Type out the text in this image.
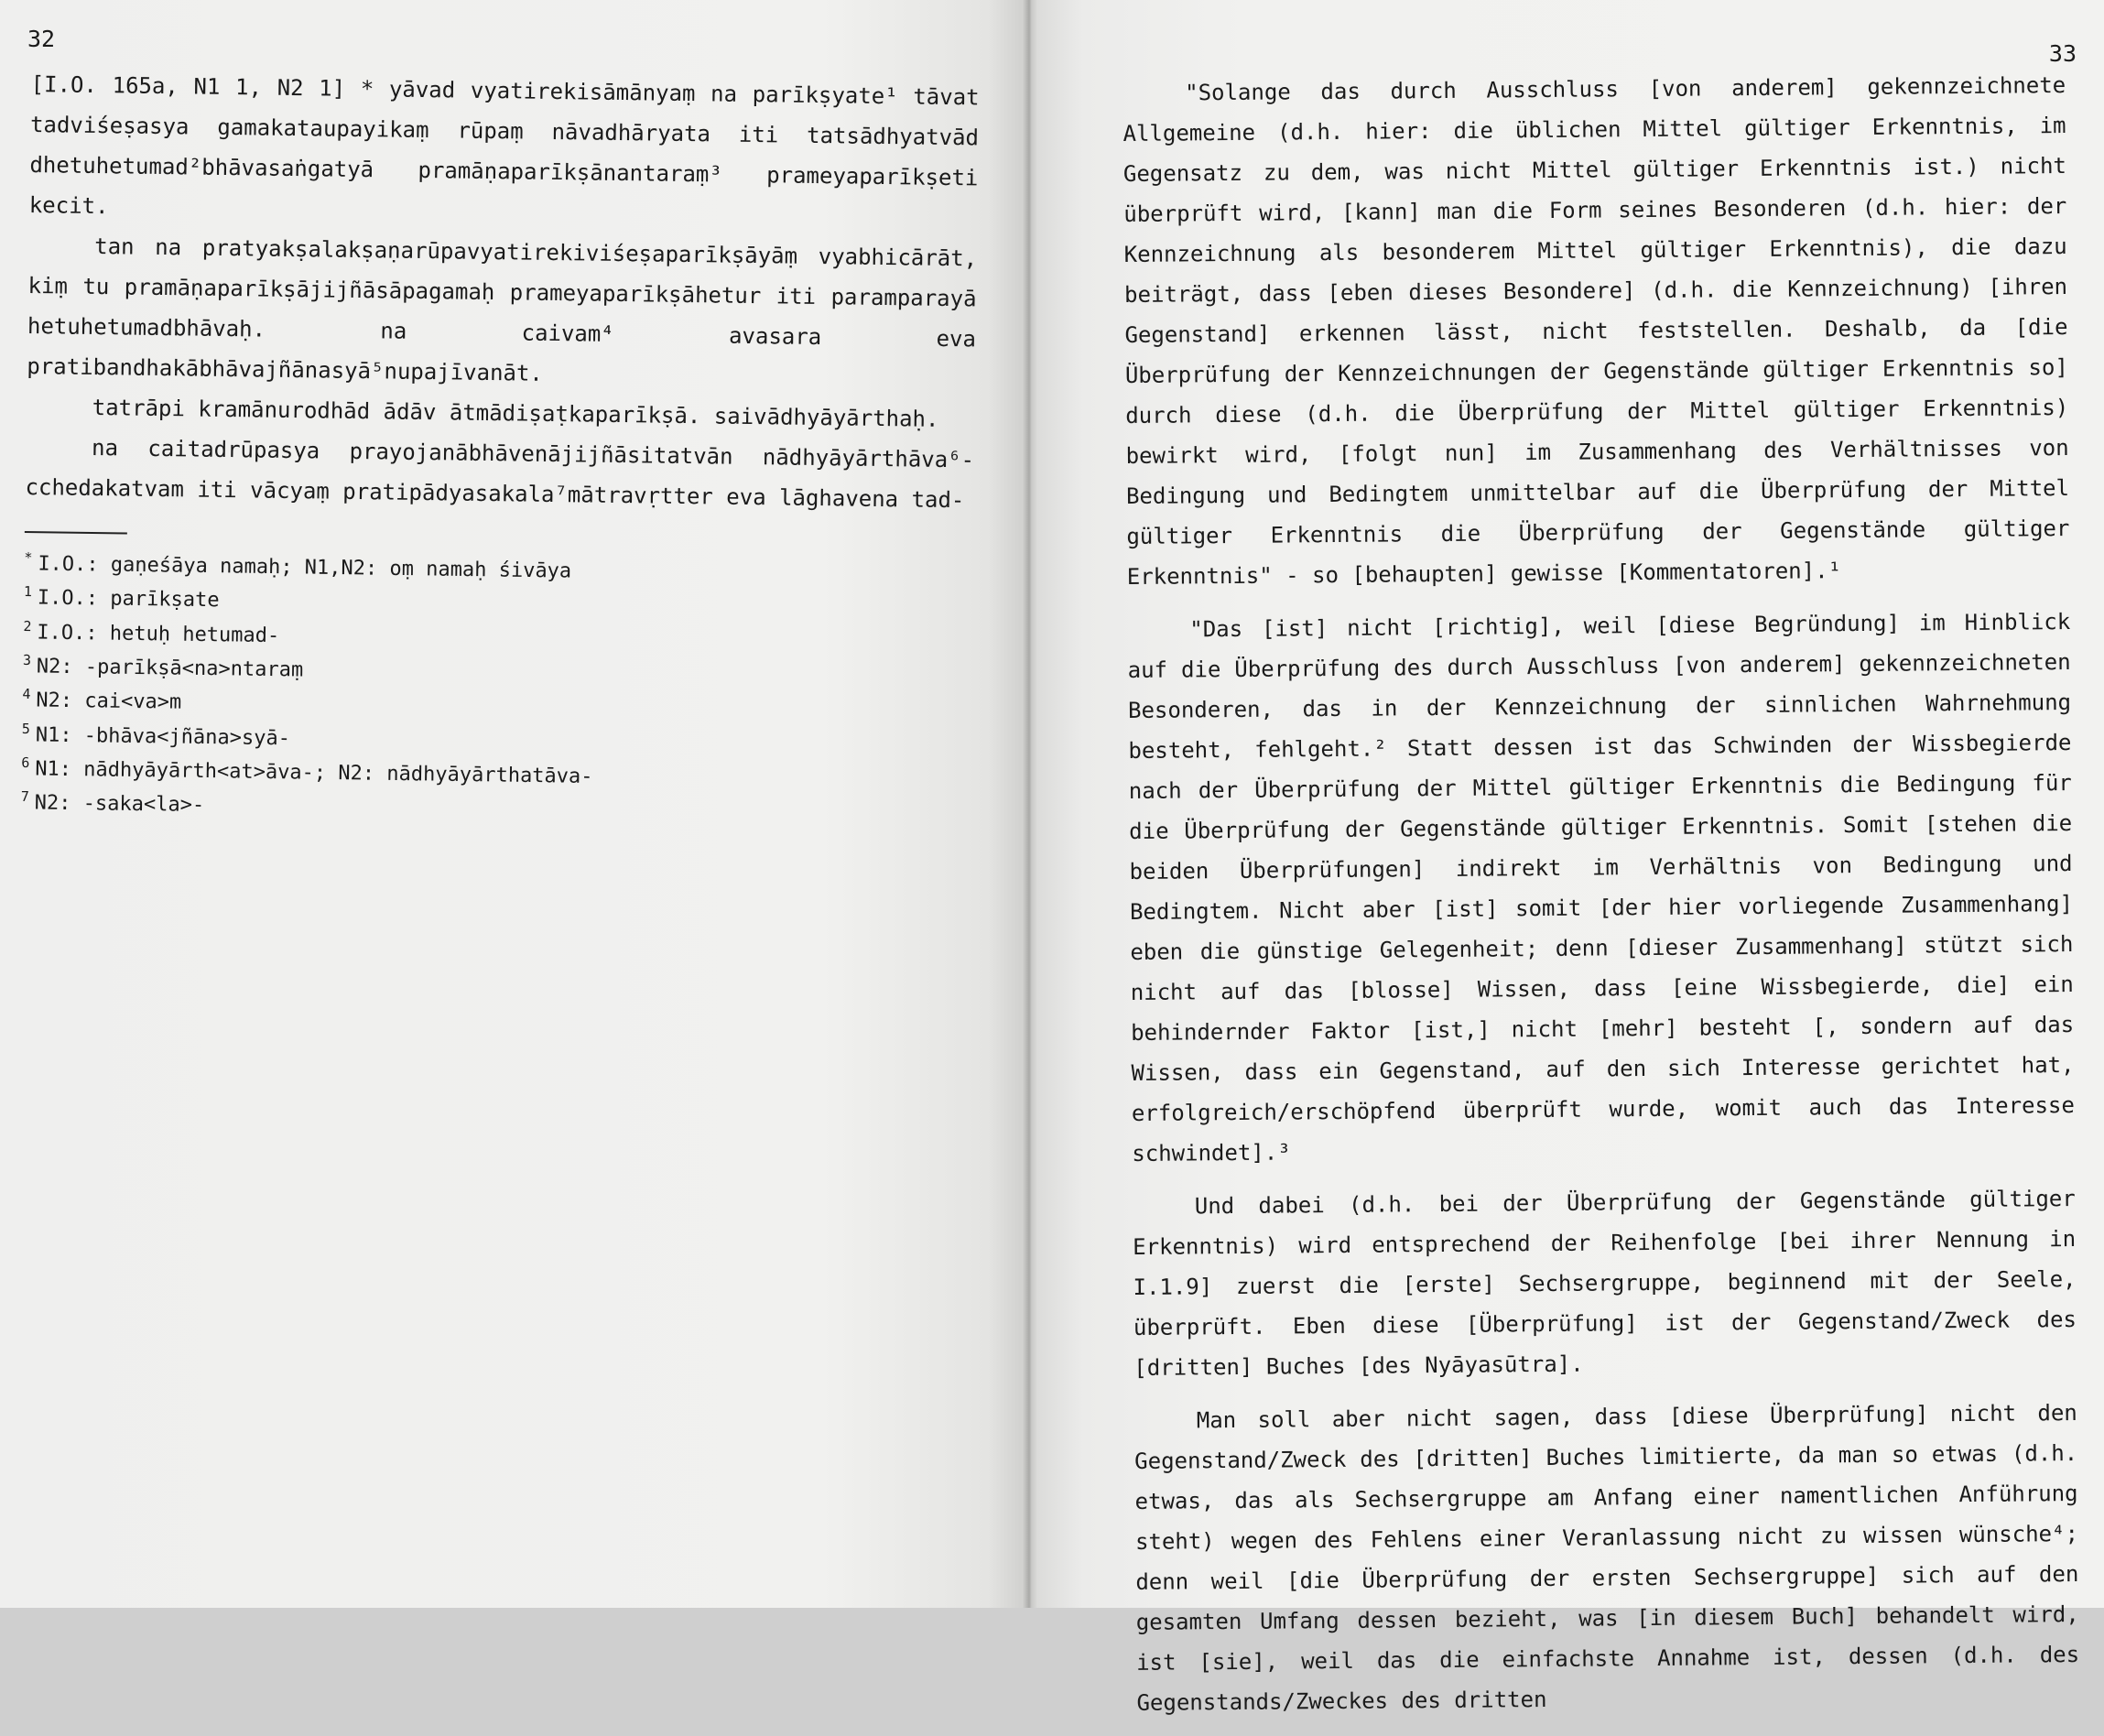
32

[I.O. 165a, N1 1, N2 1] * yāvad vyatirekisāmānyaṃ na parīkṣyate¹ tāvat tadviśeṣasya gamakataupayikaṃ rūpaṃ nāvadhāryata iti tatsādhyatvād dhetuhetumad²bhāvasaṅgatyā pramāṇaparīkṣānantaraṃ³ prameyaparīkṣeti kecit.

tan na pratyakṣalakṣaṇarūpavyatirekiviśeṣaparīkṣāyāṃ vyabhicārāt, kiṃ tu pramāṇaparīkṣājijñāsāpagamaḥ prameyaparīkṣāhetur iti paramparayā hetuhetumadbhāvaḥ. na caivam⁴ avasara eva pratibandhakābhāvajñānasyā⁵nupajīvanāt.

tatrāpi kramānurodhād ādāv ātmādiṣaṭkaparīkṣā. saivādhyāyārthaḥ.

na caitadrūpasya prayojanābhāvenājijñāsitatvān nādhyāyārthāva⁶-cchedakatvam iti vācyaṃ pratipādyasakala⁷mātravṛtter eva lāghavena tad-

* I.O.: gaṇeśāya namaḥ; N1,N2: oṃ namaḥ śivāya
$^1$ I.O.: parīkṣate
$^2$ I.O.: hetuḥ hetumad-
$^3$ N2: -parīkṣā<na>ntaraṃ
$^4$ N2: cai<va>m
$^5$ N1: -bhāva<jñāna>syā-
$^6$ N1: nādhyāyārth<at>āva-; N2: nādhyāyārthatāva-
$^7$ N2: -saka<la>-
33

"Solange das durch Ausschluss [von anderem] gekennzeichnete Allgemeine (d.h. hier: die üblichen Mittel gültiger Erkenntnis, im Gegensatz zu dem, was nicht Mittel gültiger Erkenntnis ist.) nicht überprüft wird, [kann] man die Form seines Besonderen (d.h. hier: der Kennzeichnung als besonderem Mittel gültiger Erkenntnis), die dazu beiträgt, dass [eben dieses Besondere] (d.h. die Kennzeichnung) [ihren Gegenstand] erkennen lässt, nicht feststellen. Deshalb, da [die Überprüfung der Kennzeichnungen der Gegenstände gültiger Erkenntnis so] durch diese (d.h. die Überprüfung der Mittel gültiger Erkenntnis) bewirkt wird, [folgt nun] im Zusammenhang des Verhältnisses von Bedingung und Bedingtem unmittelbar auf die Überprüfung der Mittel gültiger Erkenntnis die Überprüfung der Gegenstände gültiger Erkenntnis" - so [behaupten] gewisse [Kommentatoren].¹

"Das [ist] nicht [richtig], weil [diese Begründung] im Hinblick auf die Überprüfung des durch Ausschluss [von anderem] gekennzeichneten Besonderen, das in der Kennzeichnung der sinnlichen Wahrnehmung besteht, fehlgeht.² Statt dessen ist das Schwinden der Wissbegierde nach der Überprüfung der Mittel gültiger Erkenntnis die Bedingung für die Überprüfung der Gegenstände gültiger Erkenntnis. Somit [stehen die beiden Überprüfungen] indirekt im Verhältnis von Bedingung und Bedingtem. Nicht aber [ist] somit [der hier vorliegende Zusammenhang] eben die günstige Gelegenheit; denn [dieser Zusammenhang] stützt sich nicht auf das [blosse] Wissen, dass [eine Wissbegierde, die] ein behindernder Faktor [ist,] nicht [mehr] besteht [, sondern auf das Wissen, dass ein Gegenstand, auf den sich Interesse gerichtet hat, erfolgreich/erschöpfend überprüft wurde, womit auch das Interesse schwindet].³

Und dabei (d.h. bei der Überprüfung der Gegenstände gültiger Erkenntnis) wird entsprechend der Reihenfolge [bei ihrer Nennung in I.1.9] zuerst die [erste] Sechsergruppe, beginnend mit der Seele, überprüft. Eben diese [Überprüfung] ist der Gegenstand/Zweck des [dritten] Buches [des Nyāyasūtra].

Man soll aber nicht sagen, dass [diese Überprüfung] nicht den Gegenstand/Zweck des [dritten] Buches limitierte, da man so etwas (d.h. etwas, das als Sechsergruppe am Anfang einer namentlichen Anführung steht) wegen des Fehlens einer Veranlassung nicht zu wissen wünsche⁴; denn weil [die Überprüfung der ersten Sechsergruppe] sich auf den gesamten Umfang dessen bezieht, was [in diesem Buch] behandelt wird, ist [sie], weil das die einfachste Annahme ist, dessen (d.h. des Gegenstands/Zweckes des dritten
